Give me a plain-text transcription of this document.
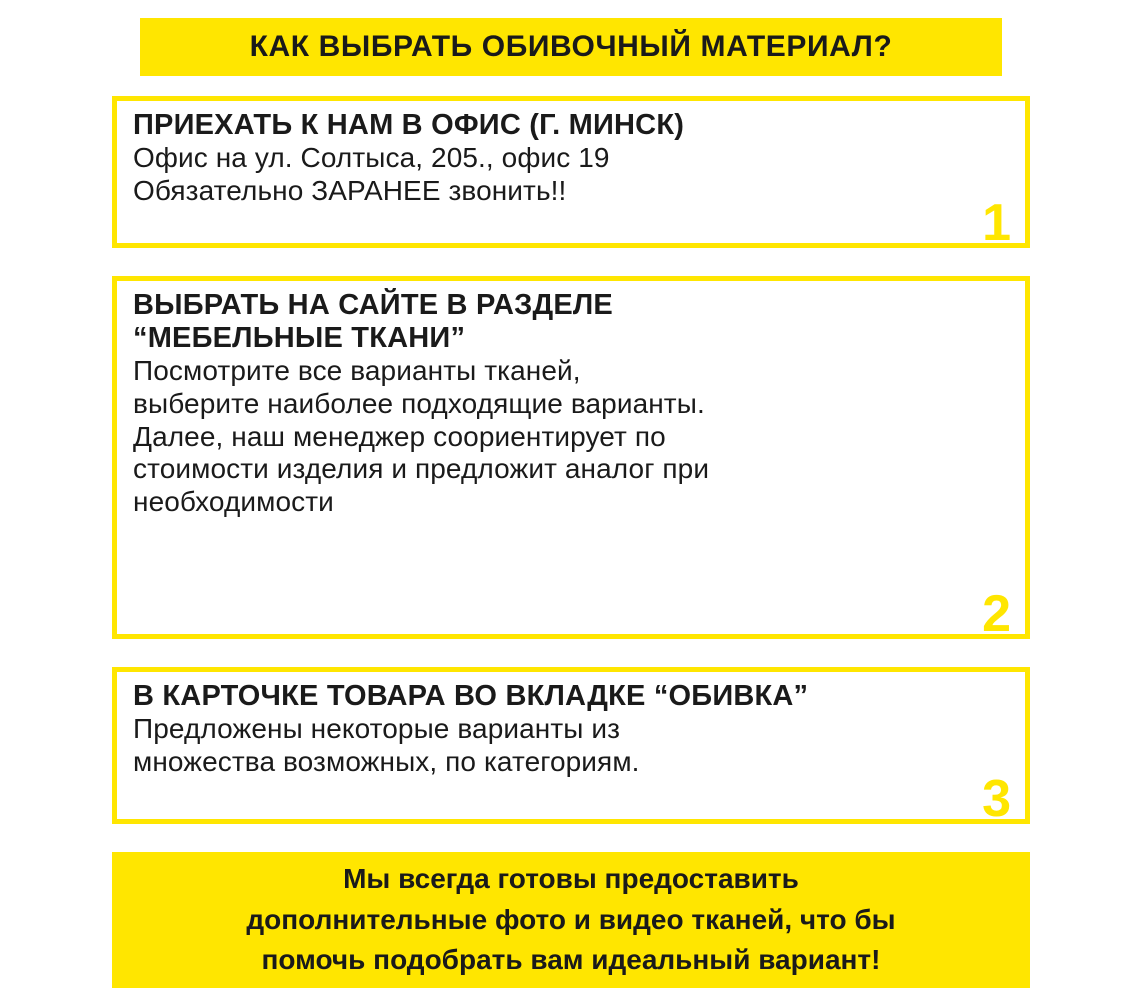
КАК ВЫБРАТЬ ОБИВОЧНЫЙ МАТЕРИАЛ?
ПРИЕХАТЬ К НАМ В ОФИС (Г. МИНСК)
Офис на ул. Солтыса, 205., офис 19
Обязательно ЗАРАНЕЕ звонить!!
1
ВЫБРАТЬ НА САЙТЕ В РАЗДЕЛЕ
“МЕБЕЛЬНЫЕ ТКАНИ”
Посмотрите все варианты тканей,
выберите наиболее подходящие варианты.
Далее, наш менеджер соориентирует по
стоимости изделия и предложит аналог при
необходимости
2
В КАРТОЧКЕ ТОВАРА ВО ВКЛАДКЕ “ОБИВКА”
Предложены некоторые варианты из
множества возможных, по категориям.
3
Мы всегда готовы предоставить
дополнительные фото и видео тканей, что бы
помочь подобрать вам идеальный вариант!
